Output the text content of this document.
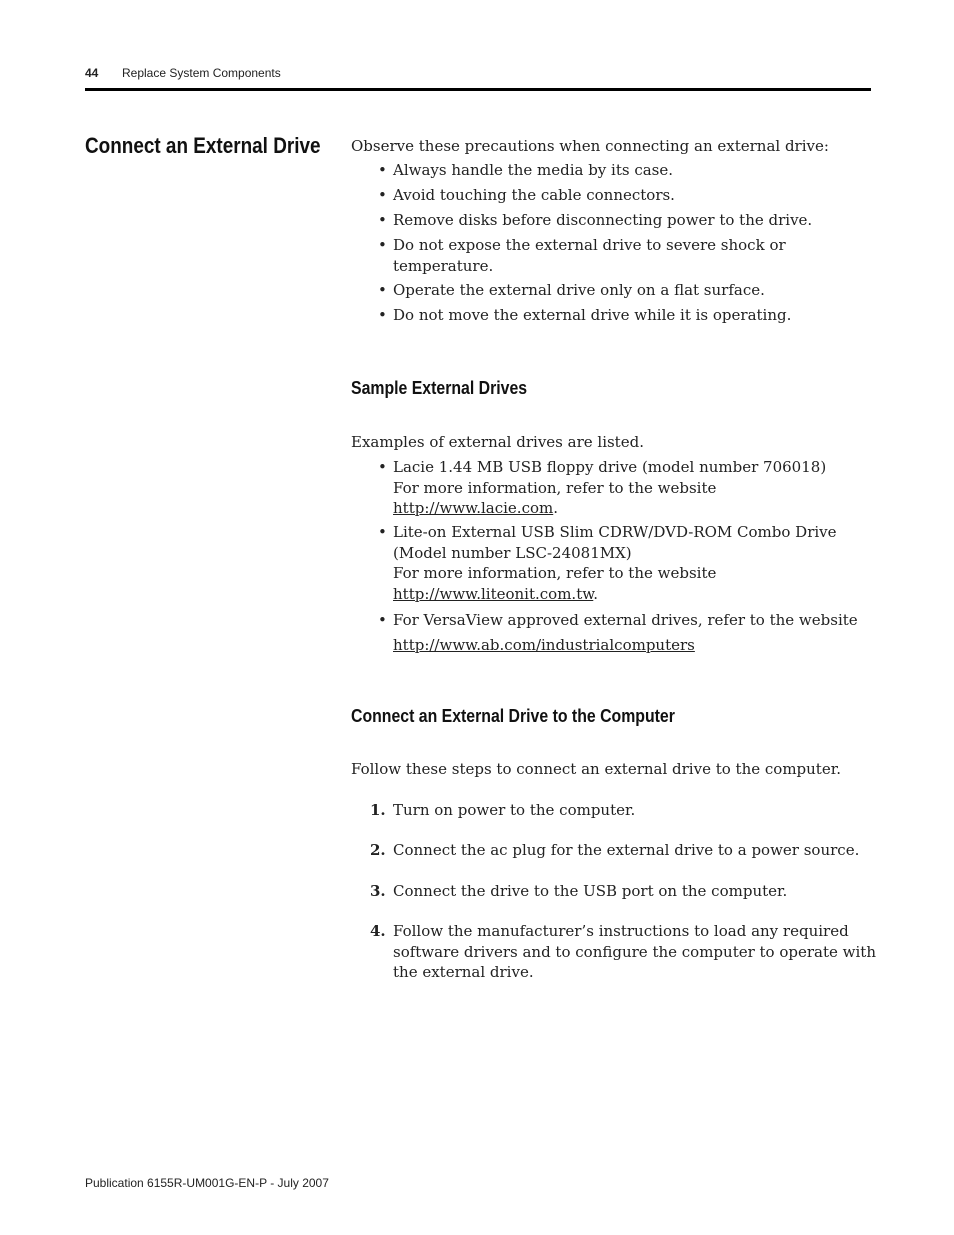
44 Replace System Components
Connect an External Drive Observe these precautions when connecting an external drive:
• Always handle the media by its case.
• Avoid touching the cable connectors.
• Remove disks before disconnecting power to the drive.
• Do not expose the external drive to severe shock or
temperature.
• Operate the external drive only on a flat surface.
• Do not move the external drive while it is operating.
Sample External Drives
Examples of external drives are listed.
• Lacie 1.44 MB USB floppy drive (model number 706018)
For more information, refer to the website
http://www.lacie.com.
• Lite-on External USB Slim CDRW/DVD-ROM Combo Drive
(Model number LSC-24081MX)
For more information, refer to the website
http://www.liteonit.com.tw.
• For VersaView approved external drives, refer to the website
http://www.ab.com/industrialcomputers
Connect an External Drive to the Computer
Follow these steps to connect an external drive to the computer.
1. Turn on power to the computer.
2. Connect the ac plug for the external drive to a power source.
3. Connect the drive to the USB port on the computer.
4. Follow the manufacturer’s instructions to load any required
software drivers and to configure the computer to operate with
the external drive.
Publication 6155R-UM001G-EN-P - July 2007
